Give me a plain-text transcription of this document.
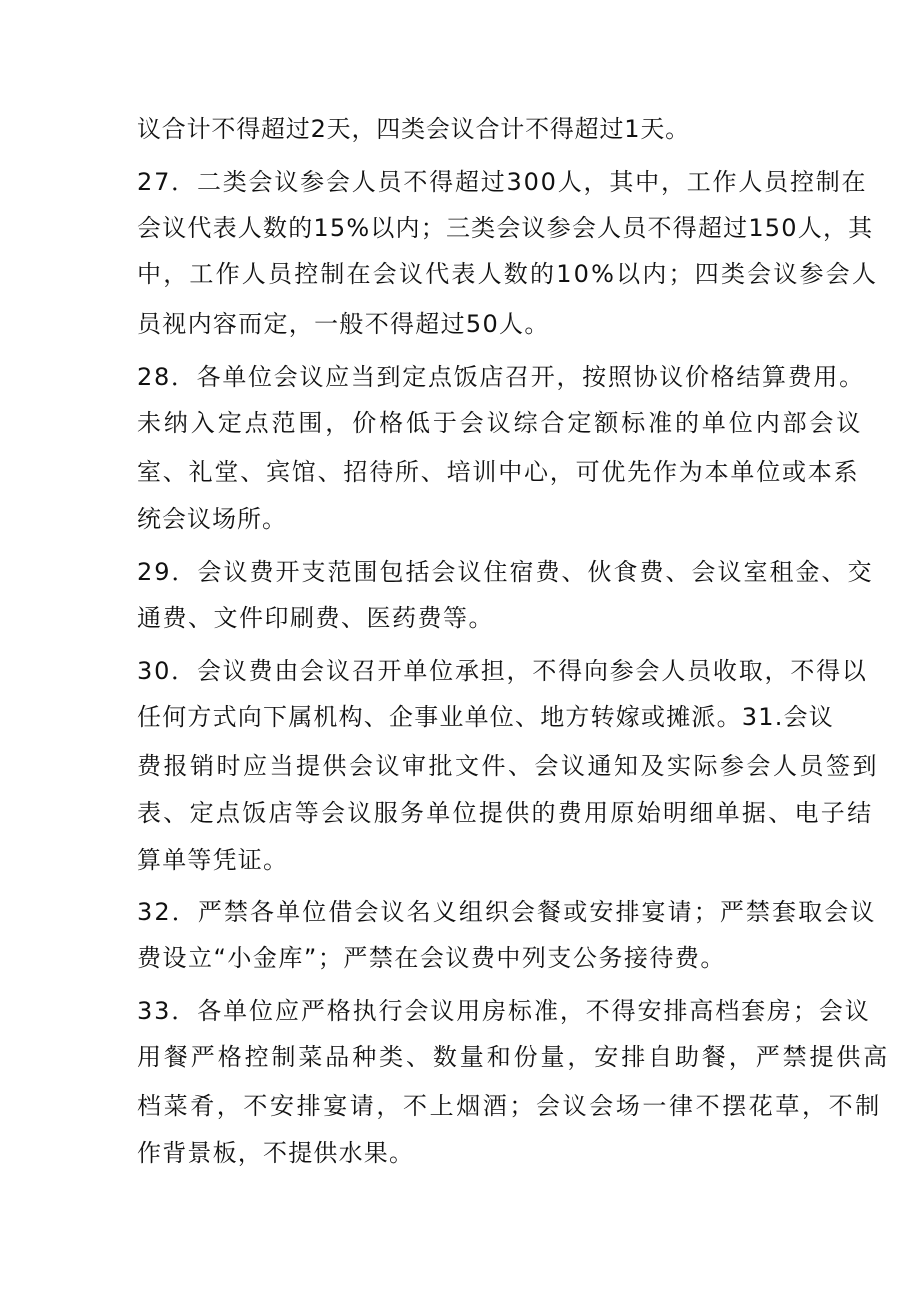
议合计不得超过2天，四类会议合计不得超过1天。

27．二类会议参会人员不得超过300人，其中，工作人员控制在

会议代表人数的15%以内；三类会议参会人员不得超过150人，其

中，工作人员控制在会议代表人数的10%以内；四类会议参会人

员视内容而定，一般不得超过50人。

28．各单位会议应当到定点饭店召开，按照协议价格结算费用。

未纳入定点范围，价格低于会议综合定额标准的单位内部会议

室、礼堂、宾馆、招待所、培训中心，可优先作为本单位或本系

统会议场所。

29．会议费开支范围包括会议住宿费、伙食费、会议室租金、交

通费、文件印刷费、医药费等。

30．会议费由会议召开单位承担，不得向参会人员收取，不得以

任何方式向下属机构、企事业单位、地方转嫁或摊派。31.会议

费报销时应当提供会议审批文件、会议通知及实际参会人员签到

表、定点饭店等会议服务单位提供的费用原始明细单据、电子结

算单等凭证。

32．严禁各单位借会议名义组织会餐或安排宴请；严禁套取会议

费设立“小金库”；严禁在会议费中列支公务接待费。

33．各单位应严格执行会议用房标准，不得安排高档套房；会议

用餐严格控制菜品种类、数量和份量，安排自助餐，严禁提供高

档菜肴，不安排宴请，不上烟酒；会议会场一律不摆花草，不制

作背景板，不提供水果。
